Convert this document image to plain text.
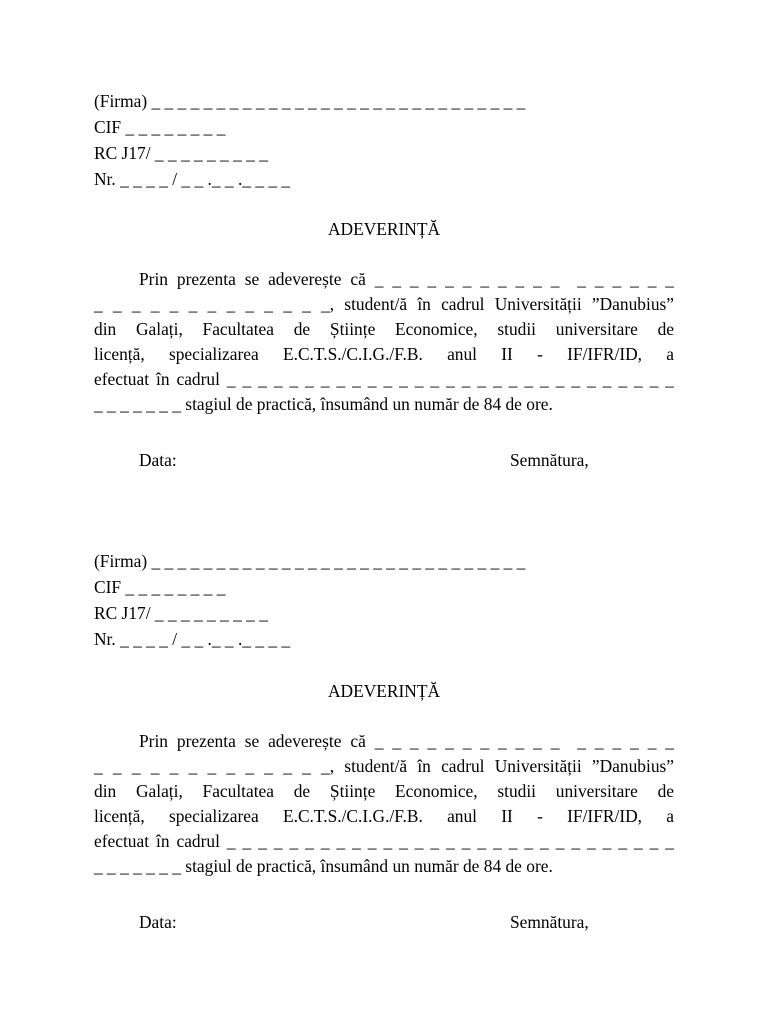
(Firma) _ _ _ _ _ _ _ _ _ _ _ _ _ _ _ _ _ _ _ _ _ _ _ _ _ _ _ _ _
CIF _ _ _ _ _ _ _ _
RC J17/ _ _ _ _ _ _ _ _ _
Nr. _ _ _ _ / _ _ ._ _ ._ _ _ _
ADEVERINȚĂ
Prin prezenta se adeverește că _ _ _ _ _ _ _ _ _ _ _  _ _ _ _ _ _
_ _ _ _ _ _ _ _ _ _ _ _ _, student/ă în cadrul Universității ”Danubius”
din Galați, Facultatea de Științe Economice, studii universitare de
licență, specializarea E.C.T.S./C.I.G./F.B. anul II - IF/IFR/ID, a
efectuat în cadrul _ _ _ _ _ _ _ _ _ _ _ _ _ _ _ _ _ _ _ _ _ _ _ _ _ _ _ _ _
_ _ _ _ _ _ _ stagiul de practică, însumând un număr de 84 de ore.
Data:	Semnătura,
(Firma) _ _ _ _ _ _ _ _ _ _ _ _ _ _ _ _ _ _ _ _ _ _ _ _ _ _ _ _ _
CIF _ _ _ _ _ _ _ _
RC J17/ _ _ _ _ _ _ _ _ _
Nr. _ _ _ _ / _ _ ._ _ ._ _ _ _
ADEVERINȚĂ
Prin prezenta se adeverește că _ _ _ _ _ _ _ _ _ _ _  _ _ _ _ _ _
_ _ _ _ _ _ _ _ _ _ _ _ _, student/ă în cadrul Universității ”Danubius”
din Galați, Facultatea de Științe Economice, studii universitare de
licență, specializarea E.C.T.S./C.I.G./F.B. anul II - IF/IFR/ID, a
efectuat în cadrul _ _ _ _ _ _ _ _ _ _ _ _ _ _ _ _ _ _ _ _ _ _ _ _ _ _ _ _ _
_ _ _ _ _ _ _ stagiul de practică, însumând un număr de 84 de ore.
Data:	Semnătura,
